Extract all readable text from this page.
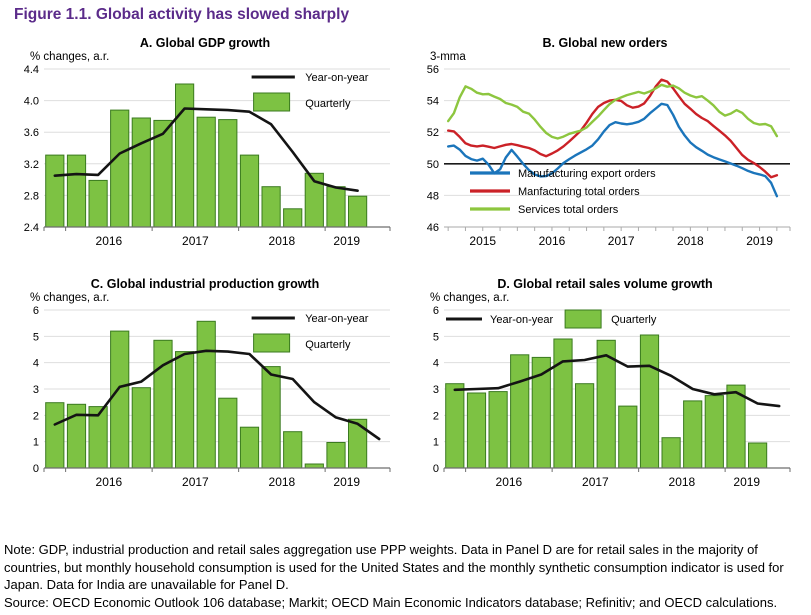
Figure 1.1. Global activity has slowed sharply
A. Global GDP growth
% changes, a.r.
2.4
2.8
3.2
3.6
4.0
4.4
2016	2017	2018	2019
Year-on-year
Quarterly
B. Global new orders
3-mma
46
48
50
52
54
56
2015	2016	2017	2018	2019
Manufacturing export orders
Manfacturing total orders
Services total orders
C. Global industrial production growth
% changes, a.r.
0
1
2
3
4
5
6
2016	2017	2018	2019
Year-on-year
Quarterly
D. Global retail sales volume growth
% changes, a.r.
0
1
2
3
4
5
6
2016	2017	2018	2019
Year-on-year	Quarterly

Note: GDP, industrial production and retail sales aggregation use PPP weights. Data in Panel D are for retail sales in the majority of countries, but monthly household consumption is used for the United States and the monthly synthetic consumption indicator is used for Japan. Data for India are unavailable for Panel D.

Source: OECD Economic Outlook 106 database; Markit; OECD Main Economic Indicators database; Refinitiv; and OECD calculations.
